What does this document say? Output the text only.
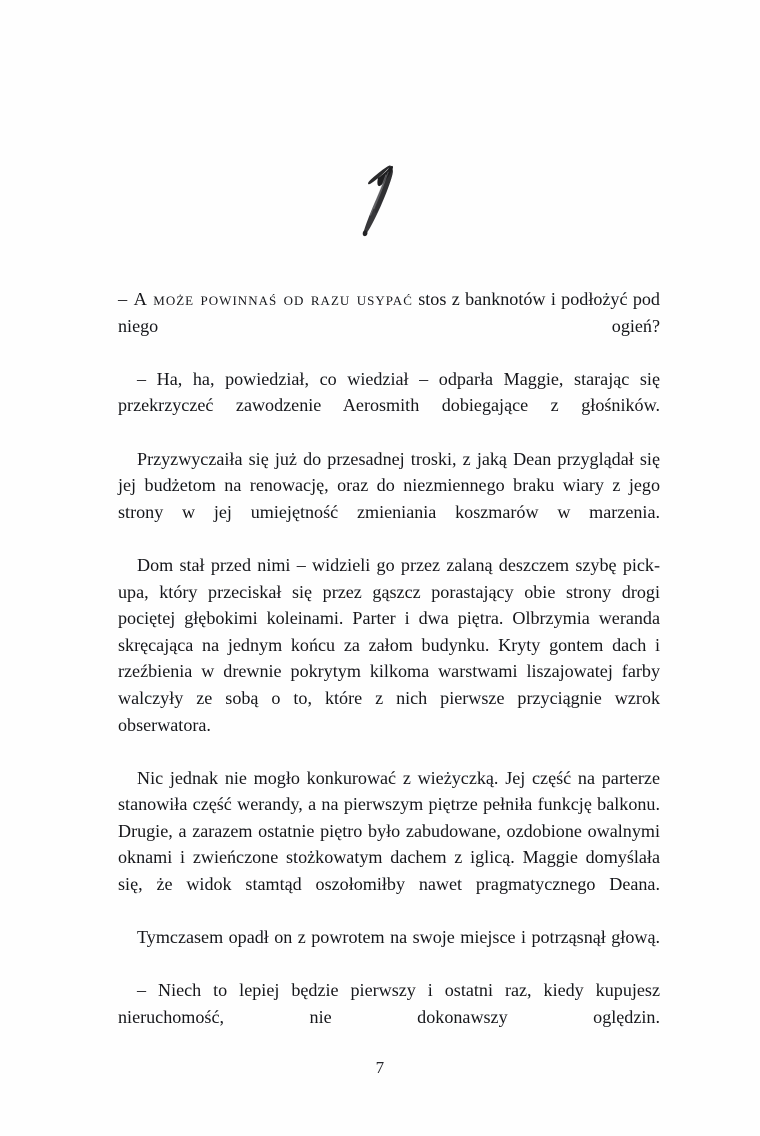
– A może powinnaś od razu usypać stos z banknotów i podłożyć pod niego ogień?

– Ha, ha, powiedział, co wiedział – odparła Maggie, starając się przekrzyczeć zawodzenie Aerosmith dobiegające z głośników.

Przyzwyczaiła się już do przesadnej troski, z jaką Dean przyglądał się jej budżetom na renowację, oraz do niezmiennego braku wiary z jego strony w jej umiejętność zmieniania koszmarów w marzenia.

Dom stał przed nimi – widzieli go przez zalaną deszczem szybę pick-upa, który przeciskał się przez gąszcz porastający obie strony drogi pociętej głębokimi koleinami. Parter i dwa piętra. Olbrzymia weranda skręcająca na jednym końcu za załom budynku. Kryty gontem dach i rzeźbienia w drewnie pokrytym kilkoma warstwami liszajowatej farby walczyły ze sobą o to, które z nich pierwsze przyciągnie wzrok obserwatora.

Nic jednak nie mogło konkurować z wieżyczką. Jej część na parterze stanowiła część werandy, a na pierwszym piętrze pełniła funkcję balkonu. Drugie, a zarazem ostatnie piętro było zabudowane, ozdobione owalnymi oknami i zwieńczone stożkowatym dachem z iglicą. Maggie domyślała się, że widok stamtąd oszołomiłby nawet pragmatycznego Deana.

Tymczasem opadł on z powrotem na swoje miejsce i potrząsnął głową.

– Niech to lepiej będzie pierwszy i ostatni raz, kiedy kupujesz nieruchomość, nie dokonawszy oględzin.

7
